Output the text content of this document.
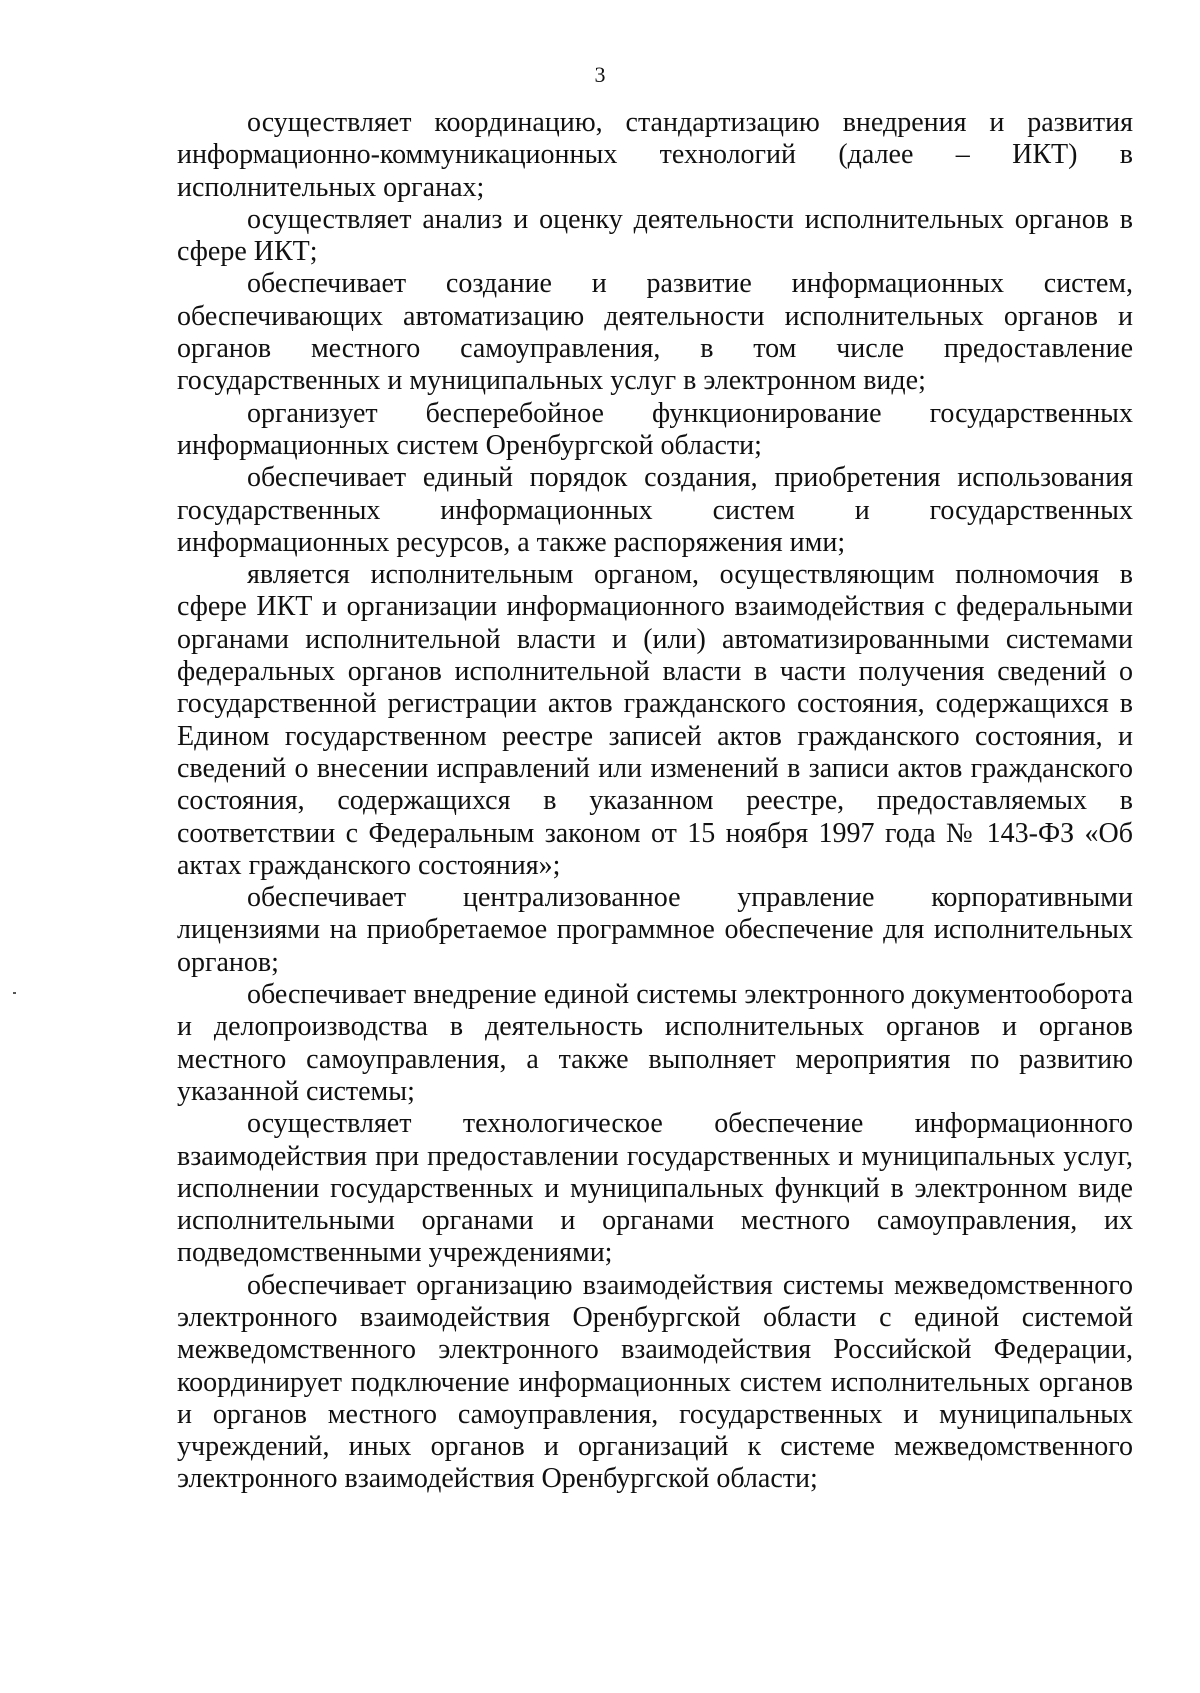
3

осуществляет координацию, стандартизацию внедрения и развития информационно-коммуникационных технологий (далее – ИКТ) в исполнительных органах;

осуществляет анализ и оценку деятельности исполнительных органов в сфере ИКТ;

обеспечивает создание и развитие информационных систем, обеспечивающих автоматизацию деятельности исполнительных органов и органов местного самоуправления, в том числе предоставление государственных и муниципальных услуг в электронном виде;

организует бесперебойное функционирование государственных информационных систем Оренбургской области;

обеспечивает единый порядок создания, приобретения использования государственных информационных систем и государственных информационных ресурсов, а также распоряжения ими;

является исполнительным органом, осуществляющим полномочия в сфере ИКТ и организации информационного взаимодействия с федеральными органами исполнительной власти и (или) автоматизированными системами федеральных органов исполнительной власти в части получения сведений о государственной регистрации актов гражданского состояния, содержащихся в Едином государственном реестре записей актов гражданского состояния, и сведений о внесении исправлений или изменений в записи актов гражданского состояния, содержащихся в указанном реестре, предоставляемых в соответствии с Федеральным законом от 15 ноября 1997 года № 143-ФЗ «Об актах гражданского состояния»;

обеспечивает централизованное управление корпоративными лицензиями на приобретаемое программное обеспечение для исполнительных органов;

обеспечивает внедрение единой системы электронного документооборота и делопроизводства в деятельность исполнительных органов и органов местного самоуправления, а также выполняет мероприятия по развитию указанной системы;

осуществляет технологическое обеспечение информационного взаимодействия при предоставлении государственных и муниципальных услуг, исполнении государственных и муниципальных функций в электронном виде исполнительными органами и органами местного самоуправления, их подведомственными учреждениями;

обеспечивает организацию взаимодействия системы межведомственного электронного взаимодействия Оренбургской области с единой системой межведомственного электронного взаимодействия Российской Федерации, координирует подключение информационных систем исполнительных органов и органов местного самоуправления, государственных и муниципальных учреждений, иных органов и организаций к системе межведомственного электронного взаимодействия Оренбургской области;
